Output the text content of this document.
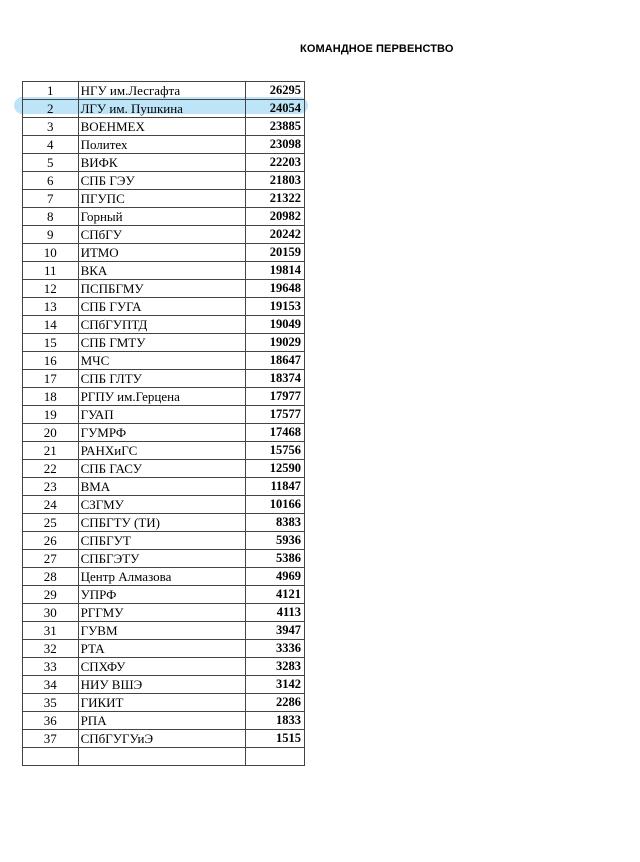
КОМАНДНОЕ ПЕРВЕНСТВО
1	НГУ им.Лесгафта	26295
2	ЛГУ им. Пушкина	24054
3	ВОЕНМЕХ	23885
4	Политех	23098
5	ВИФК	22203
6	СПБ ГЭУ	21803
7	ПГУПС	21322
8	Горный	20982
9	СПбГУ	20242
10	ИТМО	20159
11	ВКА	19814
12	ПСПБГМУ	19648
13	СПБ ГУГА	19153
14	СПбГУПТД	19049
15	СПБ ГМТУ	19029
16	МЧС	18647
17	СПБ ГЛТУ	18374
18	РГПУ им.Герцена	17977
19	ГУАП	17577
20	ГУМРФ	17468
21	РАНХиГС	15756
22	СПБ ГАСУ	12590
23	ВМА	11847
24	СЗГМУ	10166
25	СПБГТУ (ТИ)	8383
26	СПБГУТ	5936
27	СПБГЭТУ	5386
28	Центр Алмазова	4969
29	УПРФ	4121
30	РГГМУ	4113
31	ГУВМ	3947
32	РТА	3336
33	СПХФУ	3283
34	НИУ ВШЭ	3142
35	ГИКИТ	2286
36	РПА	1833
37	СПбГУГУиЭ	1515
